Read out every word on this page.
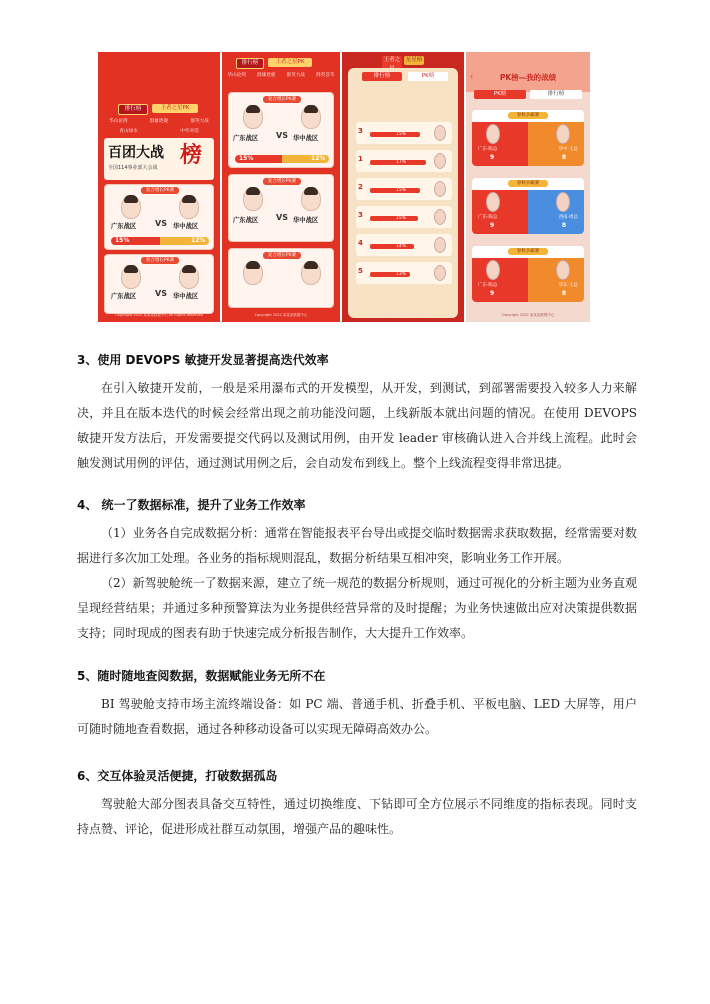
排行榜	王者之星PK
华山论剑	群雄逐鹿	群英大战
青山绿水	中外对话
百团大战 榜
全国114事业部大会战
复合增长PK赛
广东战区 VS 华中战区
15%	12%
复合增长PK赛
广东战区 VS 华中战区
Copyright 2022 某某某数据中心 All Rights Reserved
排行榜	王者之星PK
华山论剑 群雄逐鹿 群英大战 群英荟萃
复合增长PK赛
广东战区 VS 华中战区
15%	12%
复合增长PK赛
广东战区 VS 华中战区
复合增长PK赛
Copyright 2022 某某某数据中心
王者之 星星榜
排行榜	PK榜
3	15%
1	17%
2	15%
3	15%
4	14%
5	13%
Copyright 2022 某某某数据中心
‹	PK榜—我的战绩
PK榜	排行榜
春秋争霸赛
广东·陈总	华中·王总
9	8
春秋争霸赛
广东·陈总	西南·周总
9	8
春秋争霸赛
广东·陈总	华东·王总
9	8
Copyright 2022 某某某数据中心
3、使用 DEVOPS 敏捷开发显著提高迭代效率
在引入敏捷开发前，一般是采用瀑布式的开发模型，从开发，到测试，到部署需要投入较多人力来解决，并且在版本迭代的时候会经常出现之前功能没问题，上线新版本就出问题的情况。在使用 DEVOPS 敏捷开发方法后，开发需要提交代码以及测试用例，由开发 leader 审核确认进入合并线上流程。此时会触发测试用例的评估，通过测试用例之后，会自动发布到线上。整个上线流程变得非常迅捷。
4、 统一了数据标准，提升了业务工作效率
（1）业务各自完成数据分析：通常在智能报表平台导出或提交临时数据需求获取数据，经常需要对数据进行多次加工处理。各业务的指标规则混乱，数据分析结果互相冲突，影响业务工作开展。
（2）新驾驶舱统一了数据来源，建立了统一规范的数据分析规则，通过可视化的分析主题为业务直观呈现经营结果；并通过多种预警算法为业务提供经营异常的及时提醒；为业务快速做出应对决策提供数据支持；同时现成的图表有助于快速完成分析报告制作，大大提升工作效率。
5、随时随地查阅数据，数据赋能业务无所不在
BI 驾驶舱支持市场主流终端设备：如 PC 端、普通手机、折叠手机、平板电脑、LED 大屏等，用户可随时随地查看数据，通过各种移动设备可以实现无障碍高效办公。
6、交互体验灵活便捷，打破数据孤岛
驾驶舱大部分图表具备交互特性，通过切换维度、下钻即可全方位展示不同维度的指标表现。同时支持点赞、评论，促进形成社群互动氛围，增强产品的趣味性。
